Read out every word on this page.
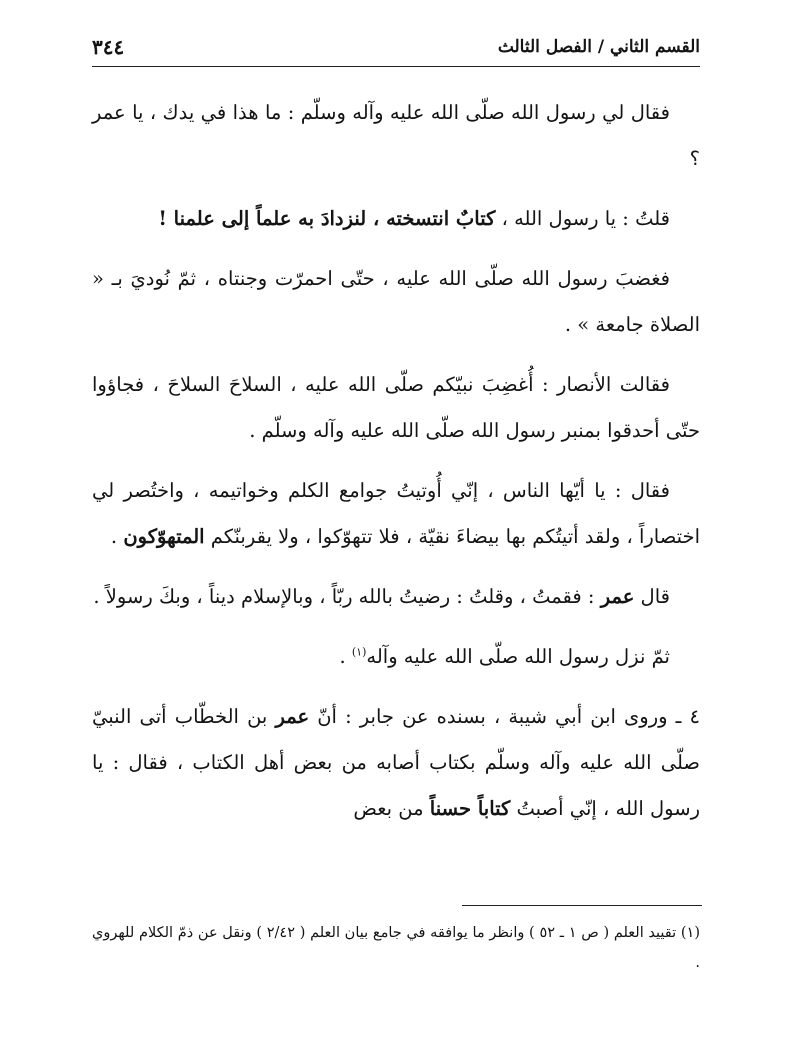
القسم الثاني / الفصل الثالث
٣٤٤

فقال لي رسول الله صلّى الله عليه وآله وسلّم : ما هذا في يدك ، يا عمر ؟

قلتُ : يا رسول الله ، كتابٌ انتسخته ، لنزدادَ به علماً إلى علمنا !

فغضبَ رسول الله صلّى الله عليه ، حتّى احمرّت وجنتاه ، ثمّ نُوديَ بـ « الصلاة جامعة » .

فقالت الأنصار : أُغضِبَ نبيّكم صلّى الله عليه ، السلاحَ السلاحَ ، فجاؤوا حتّى أحدقوا بمنبر رسول الله صلّى الله عليه وآله وسلّم .

فقال : يا أيّها الناس ، إنّي أُوتيتُ جوامع الكلم وخواتيمه ، واختُصر لي اختصاراً ، ولقد أتيتُكم بها بيضاءَ نقيّة ، فلا تتهوّكوا ، ولا يقربنّكم المتهوّكون .

قال عمر : فقمتُ ، وقلتُ : رضيتُ بالله ربّاً ، وبالإسلام ديناً ، وبكَ رسولاً .

ثمّ نزل رسول الله صلّى الله عليه وآله$^{(١)}$ .

٤ ـ وروى ابن أبي شيبة ، بسنده عن جابر : أنّ عمر بن الخطّاب أتى النبيّ صلّى الله عليه وآله وسلّم بكتاب أصابه من بعض أهل الكتاب ، فقال : يا رسول الله ، إنّي أصبتُ كتاباً حسناً من بعض

(١) تقييد العلم ( ص ١ ـ ٥٢ ) وانظر ما يوافقه في جامع بيان العلم ( ٢/٤٢ ) ونقل عن ذمّ الكلام للهروي .
